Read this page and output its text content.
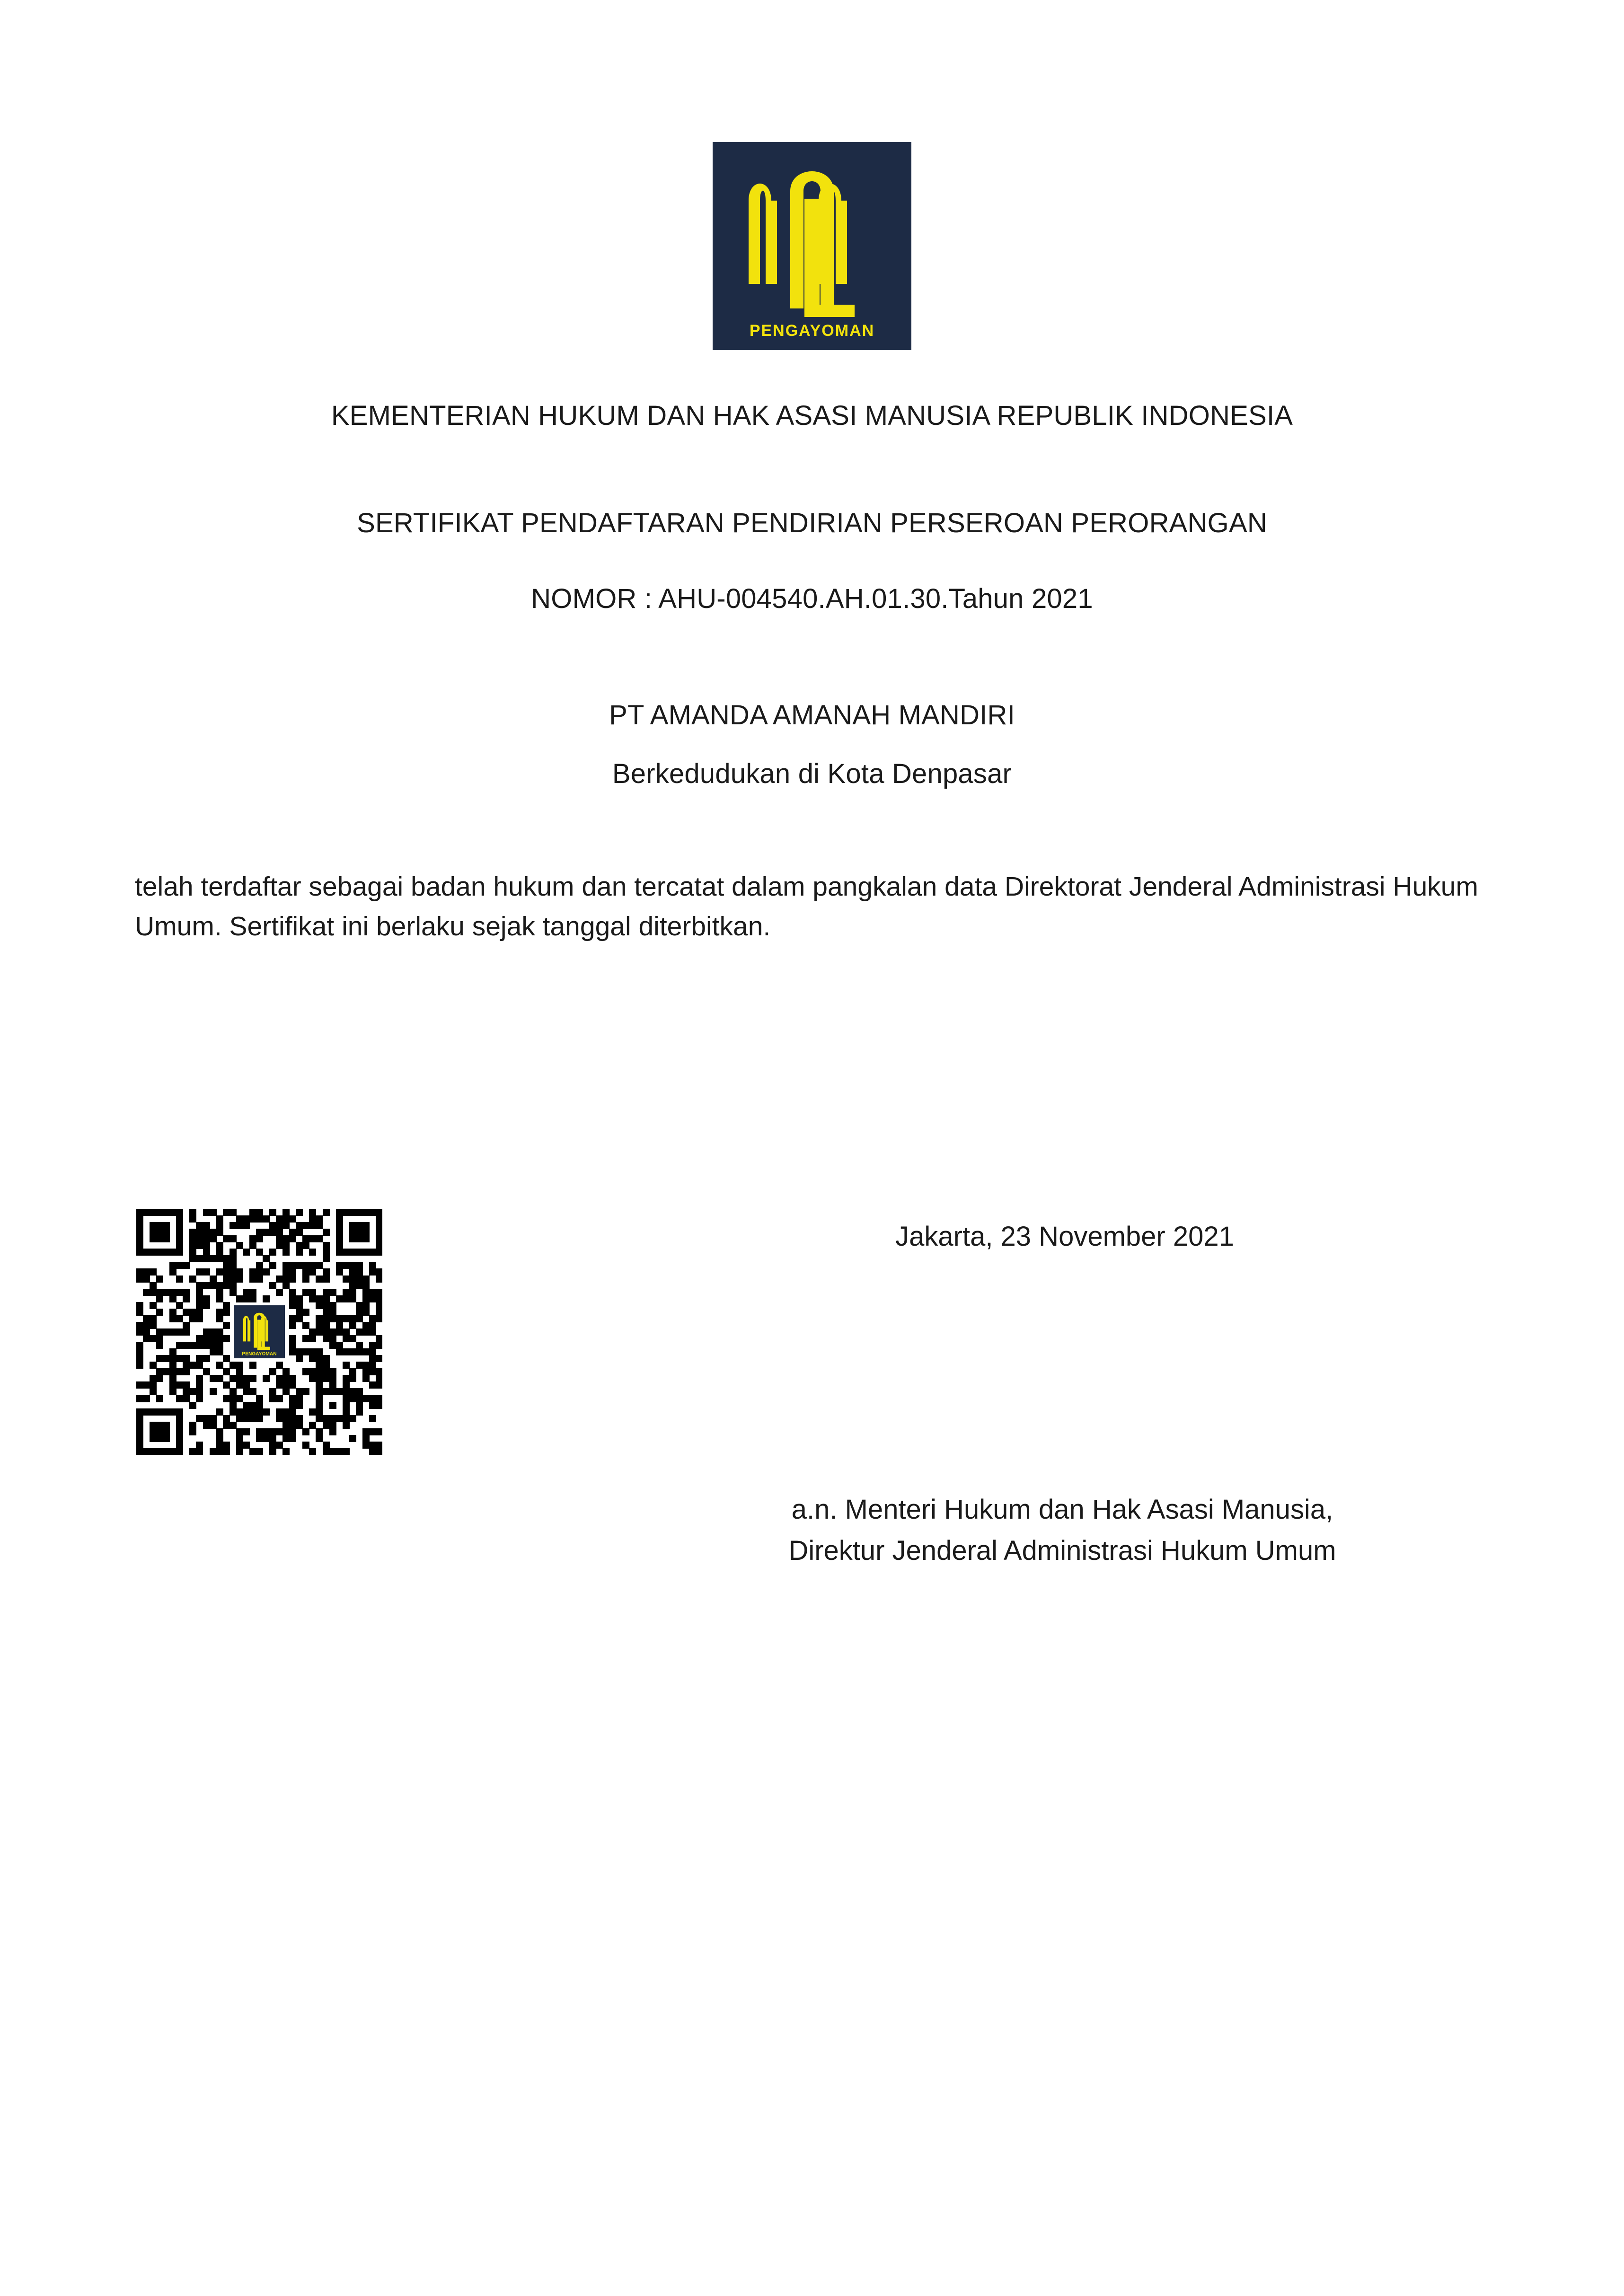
PENGAYOMAN
KEMENTERIAN HUKUM DAN HAK ASASI MANUSIA REPUBLIK INDONESIA
SERTIFIKAT PENDAFTARAN PENDIRIAN PERSEROAN PERORANGAN
NOMOR : AHU-004540.AH.01.30.Tahun 2021
PT AMANDA AMANAH MANDIRI
Berkedudukan di Kota Denpasar
telah terdaftar sebagai badan hukum dan tercatat dalam pangkalan data Direktorat Jenderal Administrasi Hukum Umum. Sertifikat ini berlaku sejak tanggal diterbitkan.
PENGAYOMAN
Jakarta, 23 November 2021
a.n. Menteri Hukum dan Hak Asasi Manusia,
Direktur Jenderal Administrasi Hukum Umum
